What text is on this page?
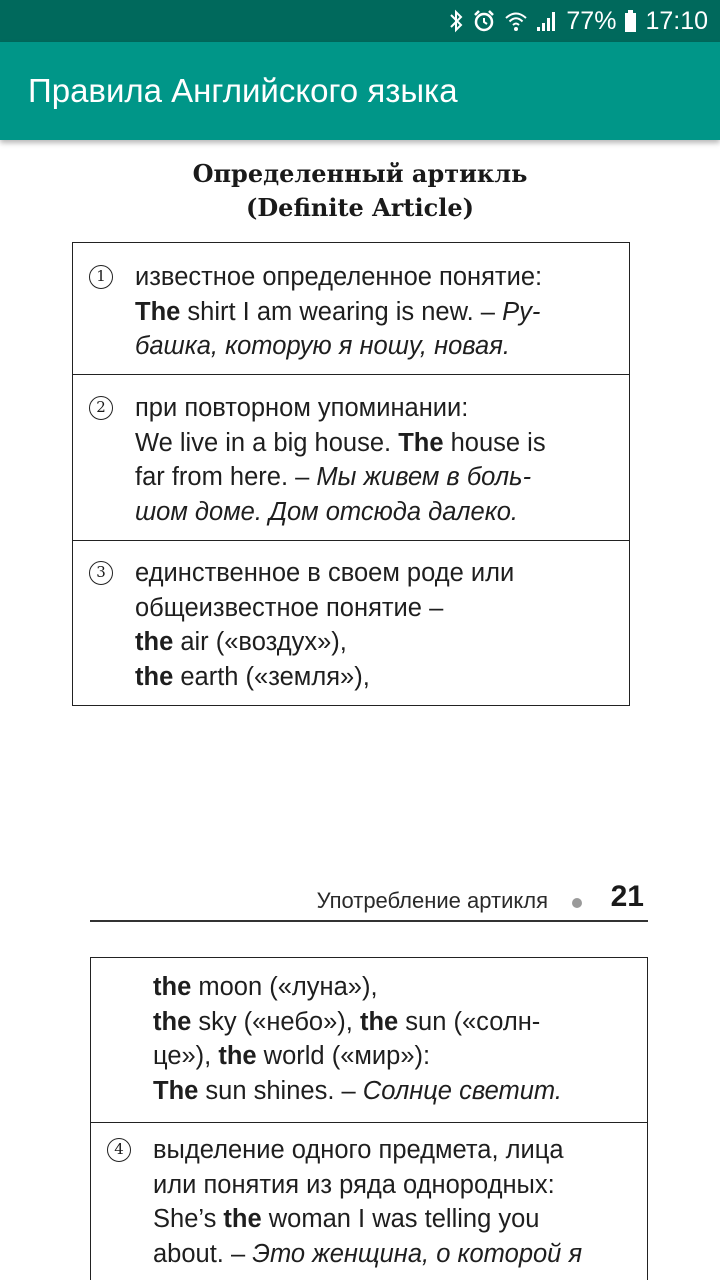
77% 17:10
Правила Английского языка
Определенный артикль
(Definite Article)
1 известное определенное понятие:
The shirt I am wearing is new. – Ру-
башка, которую я ношу, новая.
2 при повторном упоминании:
We live in a big house. The house is
far from here. – Мы живем в боль-
шом доме. Дом отсюда далеко.
3 единственное в своем роде или
общеизвестное понятие –
the air («воздух»),
the earth («земля»),
Употребление артикля 21
the moon («луна»),
the sky («небо»), the sun («солн-
це»), the world («мир»):
The sun shines. – Солнце светит.
4 выделение одного предмета, лица
или понятия из ряда однородных:
She’s the woman I was telling you
about. – Это женщина, о которой я
